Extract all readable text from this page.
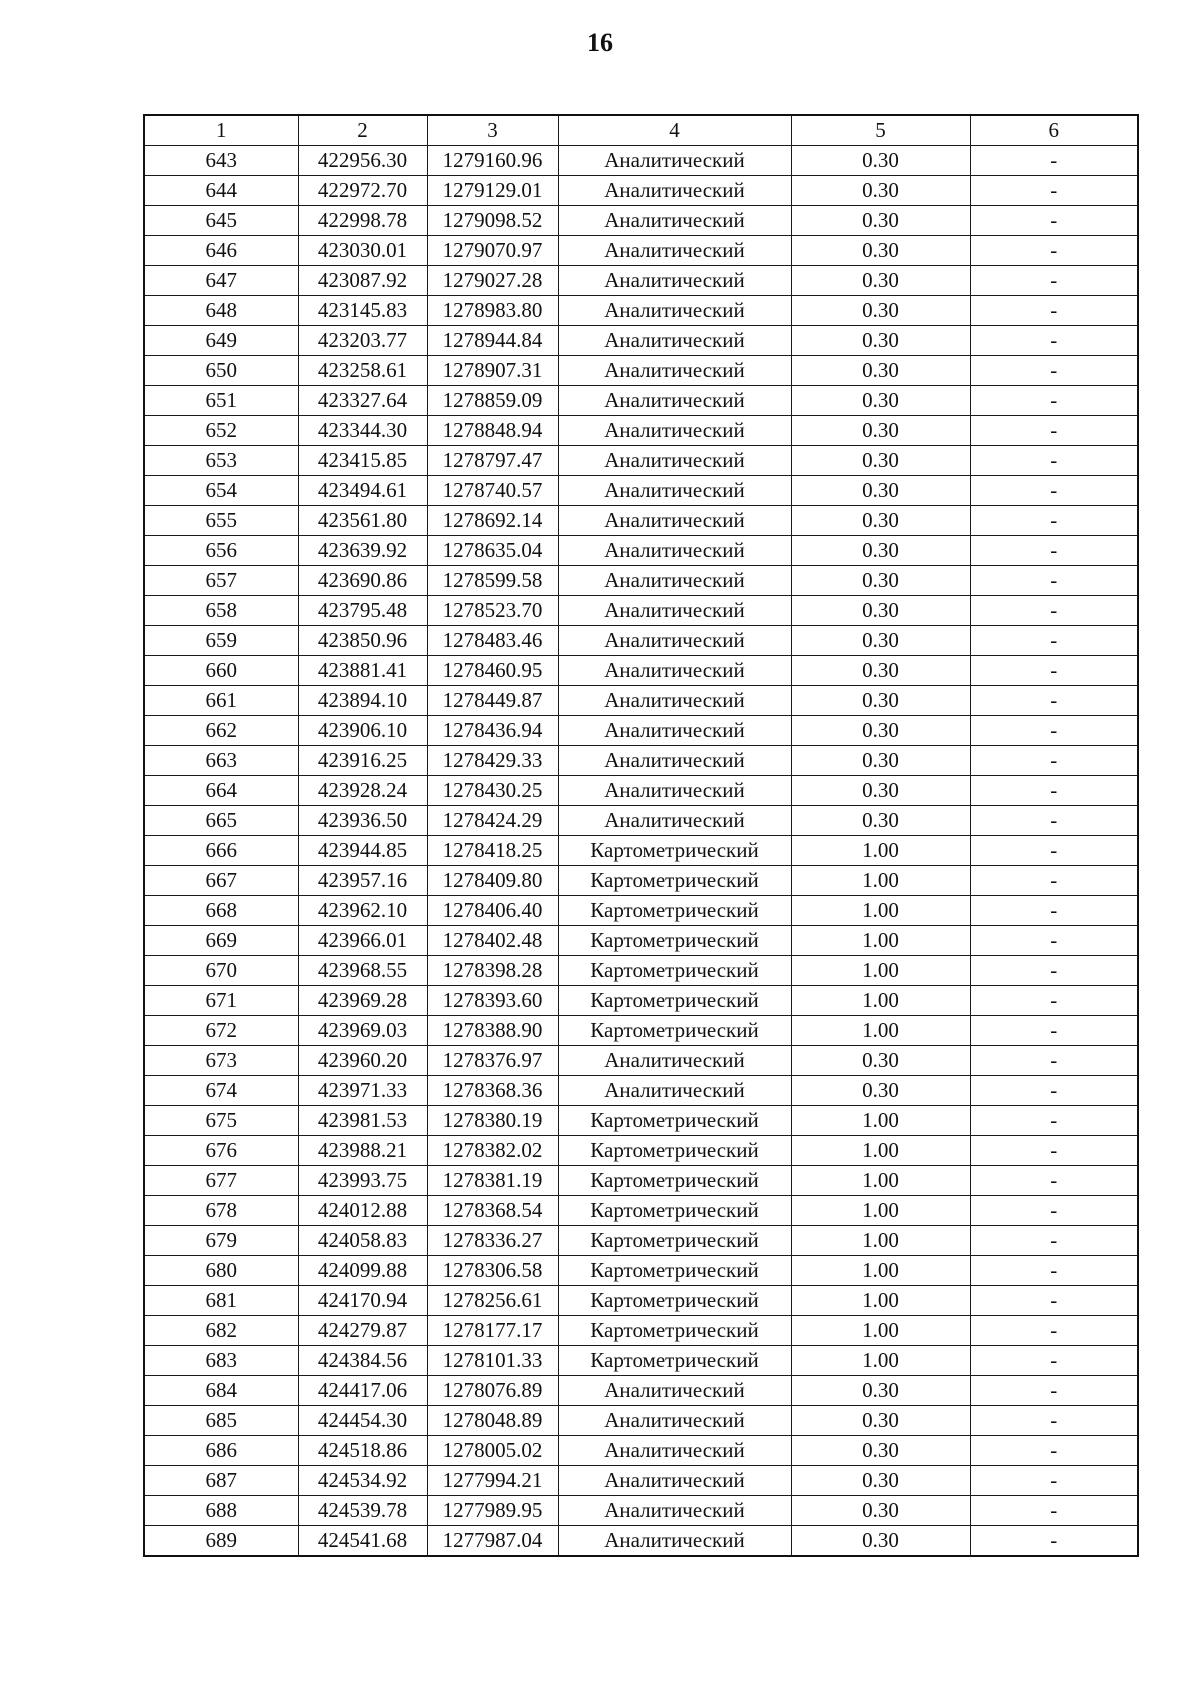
16
1	2	3	4	5	6
643	422956.30	1279160.96	Аналитический	0.30	-
644	422972.70	1279129.01	Аналитический	0.30	-
645	422998.78	1279098.52	Аналитический	0.30	-
646	423030.01	1279070.97	Аналитический	0.30	-
647	423087.92	1279027.28	Аналитический	0.30	-
648	423145.83	1278983.80	Аналитический	0.30	-
649	423203.77	1278944.84	Аналитический	0.30	-
650	423258.61	1278907.31	Аналитический	0.30	-
651	423327.64	1278859.09	Аналитический	0.30	-
652	423344.30	1278848.94	Аналитический	0.30	-
653	423415.85	1278797.47	Аналитический	0.30	-
654	423494.61	1278740.57	Аналитический	0.30	-
655	423561.80	1278692.14	Аналитический	0.30	-
656	423639.92	1278635.04	Аналитический	0.30	-
657	423690.86	1278599.58	Аналитический	0.30	-
658	423795.48	1278523.70	Аналитический	0.30	-
659	423850.96	1278483.46	Аналитический	0.30	-
660	423881.41	1278460.95	Аналитический	0.30	-
661	423894.10	1278449.87	Аналитический	0.30	-
662	423906.10	1278436.94	Аналитический	0.30	-
663	423916.25	1278429.33	Аналитический	0.30	-
664	423928.24	1278430.25	Аналитический	0.30	-
665	423936.50	1278424.29	Аналитический	0.30	-
666	423944.85	1278418.25	Картометрический	1.00	-
667	423957.16	1278409.80	Картометрический	1.00	-
668	423962.10	1278406.40	Картометрический	1.00	-
669	423966.01	1278402.48	Картометрический	1.00	-
670	423968.55	1278398.28	Картометрический	1.00	-
671	423969.28	1278393.60	Картометрический	1.00	-
672	423969.03	1278388.90	Картометрический	1.00	-
673	423960.20	1278376.97	Аналитический	0.30	-
674	423971.33	1278368.36	Аналитический	0.30	-
675	423981.53	1278380.19	Картометрический	1.00	-
676	423988.21	1278382.02	Картометрический	1.00	-
677	423993.75	1278381.19	Картометрический	1.00	-
678	424012.88	1278368.54	Картометрический	1.00	-
679	424058.83	1278336.27	Картометрический	1.00	-
680	424099.88	1278306.58	Картометрический	1.00	-
681	424170.94	1278256.61	Картометрический	1.00	-
682	424279.87	1278177.17	Картометрический	1.00	-
683	424384.56	1278101.33	Картометрический	1.00	-
684	424417.06	1278076.89	Аналитический	0.30	-
685	424454.30	1278048.89	Аналитический	0.30	-
686	424518.86	1278005.02	Аналитический	0.30	-
687	424534.92	1277994.21	Аналитический	0.30	-
688	424539.78	1277989.95	Аналитический	0.30	-
689	424541.68	1277987.04	Аналитический	0.30	-
